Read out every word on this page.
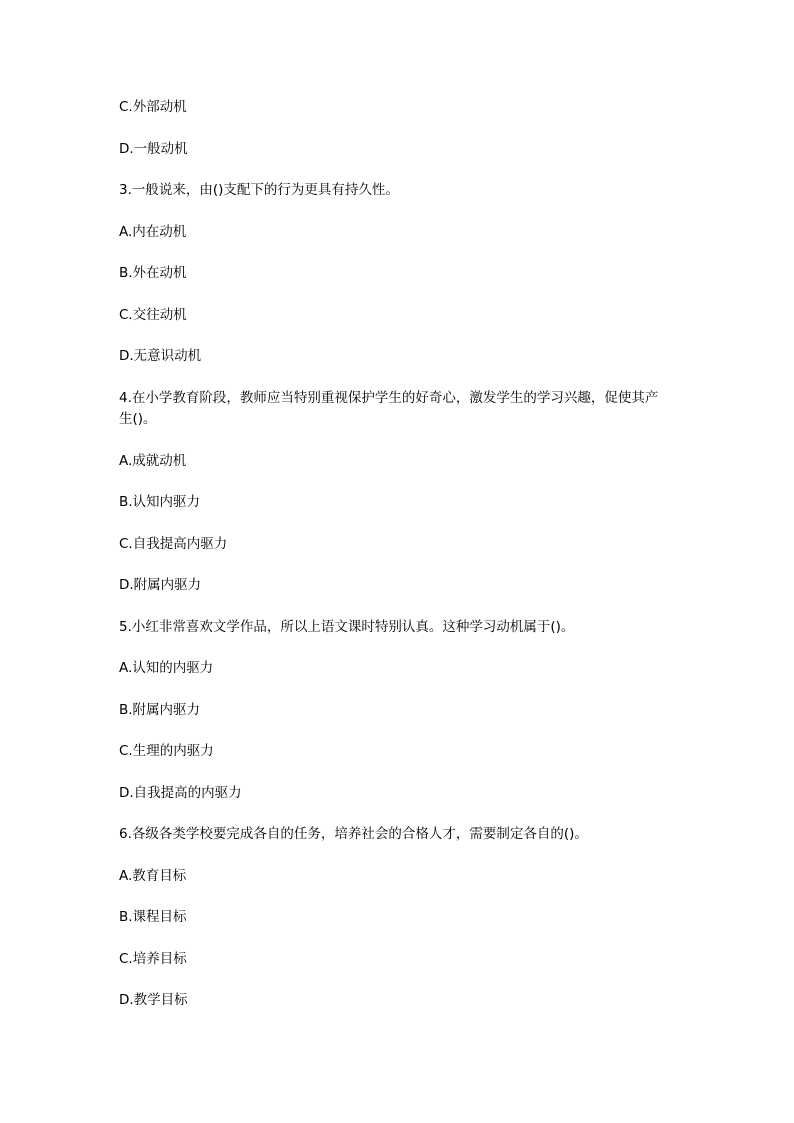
C.外部动机

D.一般动机

3.一般说来，由()支配下的行为更具有持久性。

A.内在动机

B.外在动机

C.交往动机

D.无意识动机

4.在小学教育阶段，教师应当特别重视保护学生的好奇心，激发学生的学习兴趣，促使其产生()。

A.成就动机

B.认知内驱力

C.自我提高内驱力

D.附属内驱力

5.小红非常喜欢文学作品，所以上语文课时特别认真。这种学习动机属于()。

A.认知的内驱力

B.附属内驱力

C.生理的内驱力

D.自我提高的内驱力

6.各级各类学校要完成各自的任务，培养社会的合格人才，需要制定各自的()。

A.教育目标

B.课程目标

C.培养目标

D.教学目标
